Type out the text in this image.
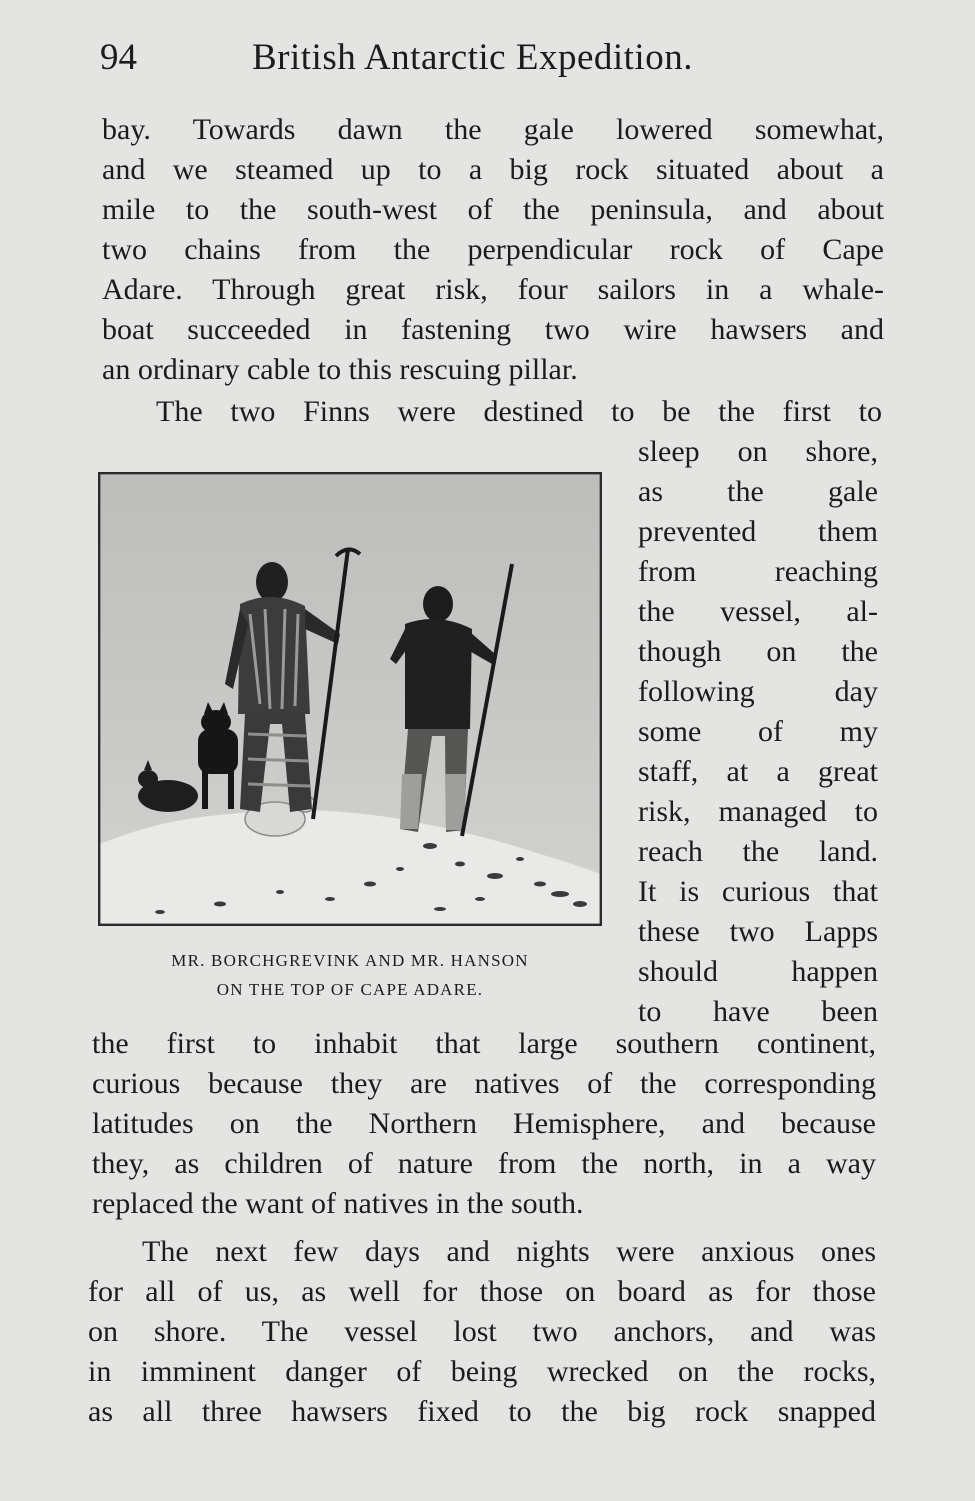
94	British Antarctic Expedition.
bay. Towards dawn the gale lowered somewhat,
and we steamed up to a big rock situated about a
mile to the south-west of the peninsula, and about
two chains from the perpendicular rock of Cape
Adare. Through great risk, four sailors in a whale-
boat succeeded in fastening two wire hawsers and
an ordinary cable to this rescuing pillar.
The two Finns were destined to be the first to
sleep on shore,
as the gale
prevented them
from reaching
the vessel, al-
though on the
following day
some of my
staff, at a great
risk, managed to
reach the land.
It is curious that
these two Lapps
should happen
to have been
MR. BORCHGREVINK AND MR. HANSON
ON THE TOP OF CAPE ADARE.
the first to inhabit that large southern continent,
curious because they are natives of the corresponding
latitudes on the Northern Hemisphere, and because
they, as children of nature from the north, in a way
replaced the want of natives in the south.
The next few days and nights were anxious ones
for all of us, as well for those on board as for those
on shore. The vessel lost two anchors, and was
in imminent danger of being wrecked on the rocks,
as all three hawsers fixed to the big rock snapped
